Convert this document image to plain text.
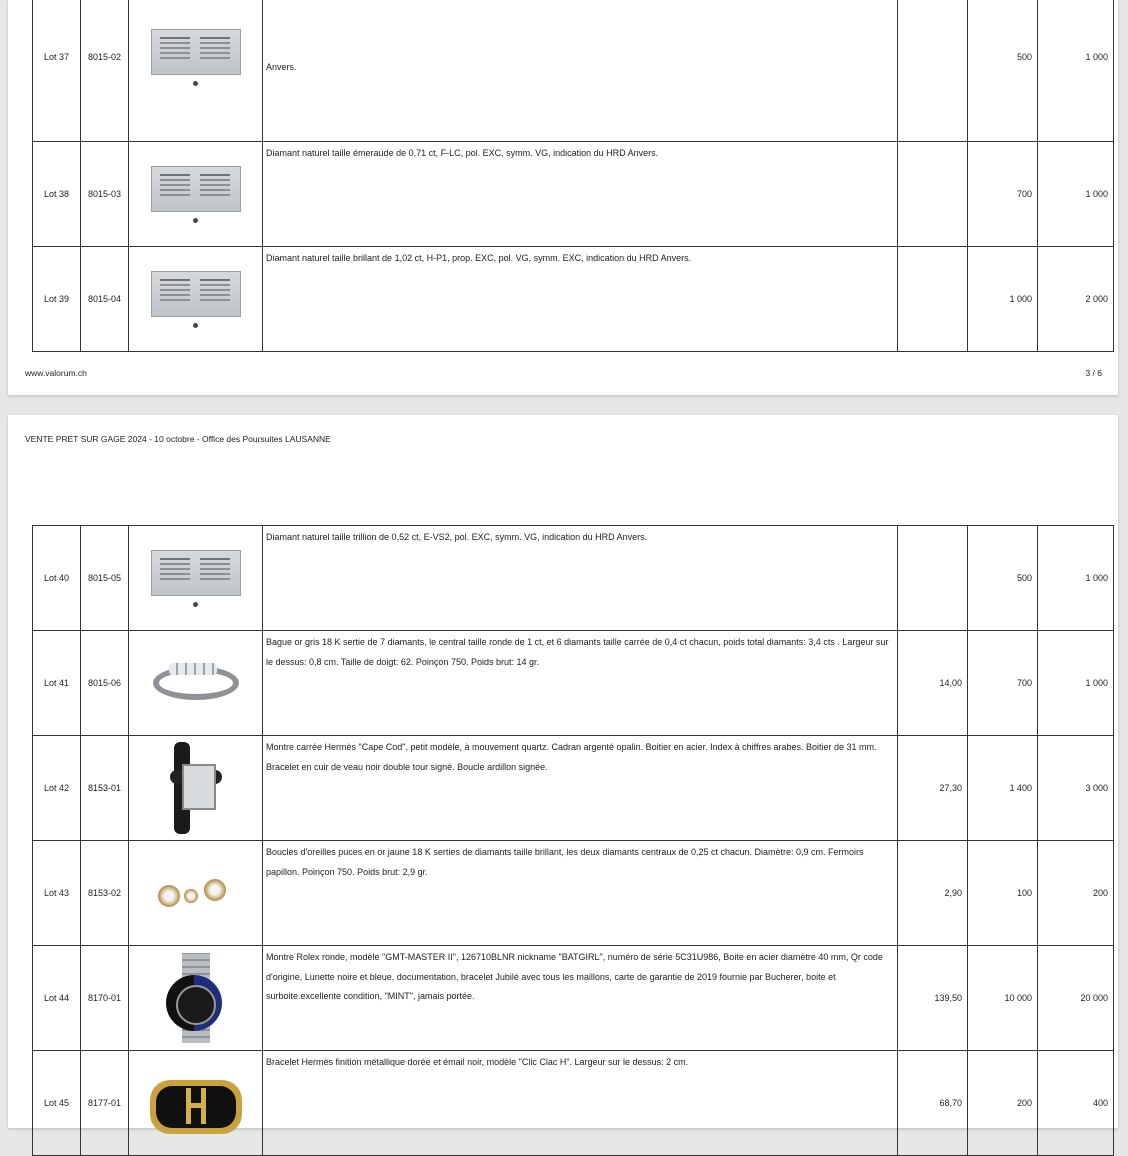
Lot 37	8015-02		Anvers.		500	1 000
Lot 38	8015-03		Diamant naturel taille émeraude de 0,71 ct, F-LC, pol. EXC, symm. VG, indication du HRD Anvers.		700	1 000
Lot 39	8015-04		Diamant naturel taille brillant de 1,02 ct, H-P1, prop. EXC, pol. VG, symm. EXC, indication du HRD Anvers.		1 000	2 000
www.valorum.ch	3 / 6
VENTE PRET SUR GAGE 2024 - 10 octobre - Office des Poursuites LAUSANNE
Lot 40	8015-05		Diamant naturel taille trillion de 0,52 ct, E-VS2, pol. EXC, symm. VG, indication du HRD Anvers.		500	1 000
Lot 41	8015-06		Bague or gris 18 K sertie de 7 diamants, le central taille ronde de 1 ct, et 6 diamants taille carrée de 0,4 ct chacun, poids total diamants: 3,4 cts . Largeur sur le dessus: 0,8 cm. Taille de doigt: 62. Poinçon 750. Poids brut: 14 gr.	14,00	700	1 000
Lot 42	8153-01		Montre carrée Hermès "Cape Cod", petit modèle, à mouvement quartz. Cadran argenté opalin. Boitier en acier. Index à chiffres arabes. Boitier de 31 mm. Bracelet en cuir de veau noir double tour signé. Boucle ardillon signée.	27,30	1 400	3 000
Lot 43	8153-02		Boucles d'oreilles puces en or jaune 18 K serties de diamants taille brillant, les deux diamants centraux de 0,25 ct chacun. Diamètre: 0,9 cm. Fermoirs papillon. Poinçon 750. Poids brut: 2,9 gr.	2,90	100	200
Lot 44	8170-01		Montre Rolex ronde, modèle "GMT-MASTER II", 126710BLNR nickname "BATGIRL", numéro de série 5C31U986, Boite en acier diamètre 40 mm, Qr code d'origine, Lunette noire et bleue, documentation, bracelet Jubilé avec tous les maillons, carte de garantie de 2019 fournie par Bucherer, boite et surboite.excellente condition, "MINT", jamais portée.	139,50	10 000	20 000
Lot 45	8177-01		Bracelet Hermès finition métallique dorée et émail noir, modèle "Clic Clac H". Largeur sur le dessus: 2 cm.	68,70	200	400
